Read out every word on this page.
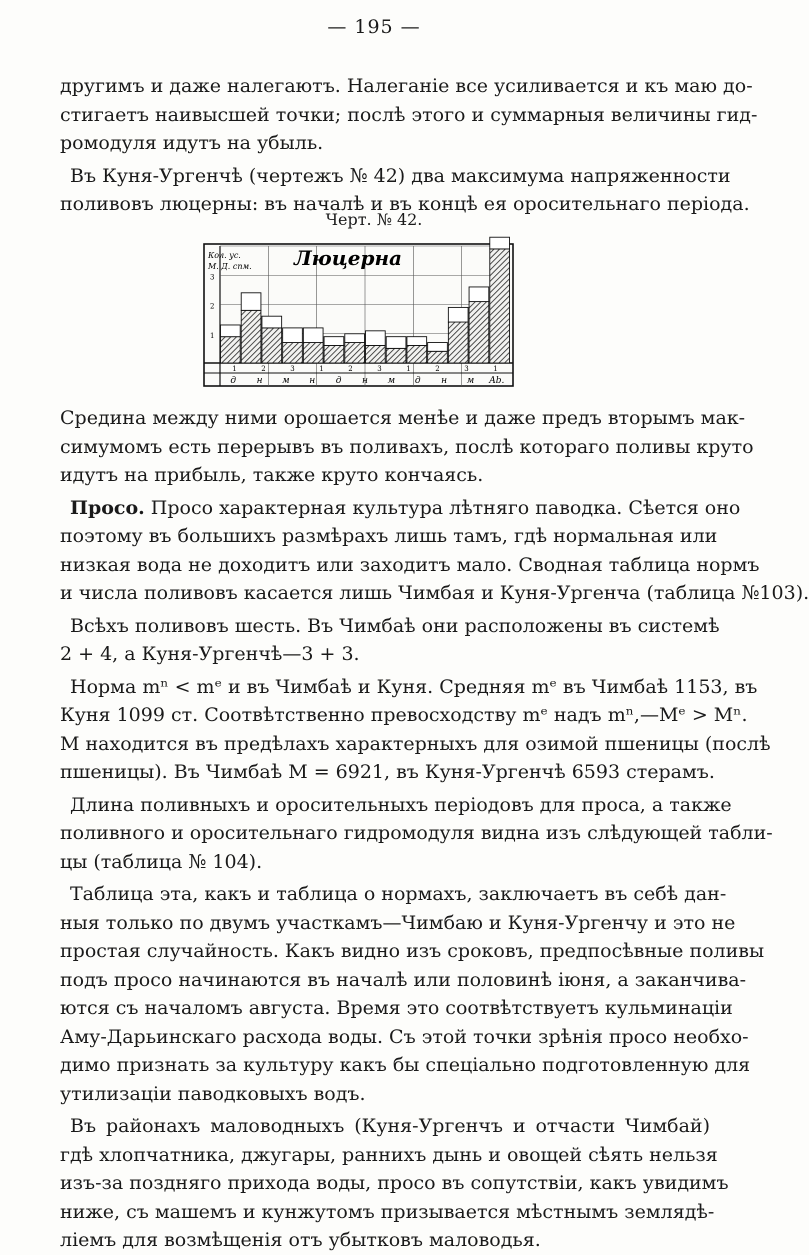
— 195 —

другимъ и даже налегаютъ. Налеганіе все усиливается и къ маю до-
стигаетъ наивысшей точки; послѣ этого и суммарныя величины гид-
ромодуля идутъ на убыль.

Въ Куня-Ургенчѣ (чертежъ № 42) два максимума напряженности
поливовъ люцерны: въ началѣ и въ концѣ ея оросительнаго періода.

Черт. № 42.
Кол. ус.
М. Д. спм. Люцерна
3
2
1
1	2	3	1	2	3	1	2	3	1
д н м н д н м д н м Ab.

Средина между ними орошается менѣе и даже предъ вторымъ мак-
симумомъ есть перерывъ въ поливахъ, послѣ котораго поливы круто
идутъ на прибыль, также круто кончаясь.

Просо. Просо характерная культура лѣтняго паводка. Сѣется оно
поэтому въ большихъ размѣрахъ лишь тамъ, гдѣ нормальная или
низкая вода не доходитъ или заходитъ мало. Сводная таблица нормъ
и числа поливовъ касается лишь Чимбая и Куня-Ургенча (таблица №103).

Всѣхъ поливовъ шесть. Въ Чимбаѣ они расположены въ системѣ
2 + 4, а Куня-Ургенчѣ—3 + 3.

Норма mⁿ < mᵉ и въ Чимбаѣ и Куня. Средняя mᵉ въ Чимбаѣ 1153, въ
Куня 1099 ст. Соотвѣтственно превосходству mᵉ надъ mⁿ,—Mᵉ > Mⁿ.
M находится въ предѣлахъ характерныхъ для озимой пшеницы (послѣ
пшеницы). Въ Чимбаѣ M = 6921, въ Куня-Ургенчѣ 6593 стерамъ.

Длина поливныхъ и оросительныхъ періодовъ для проса, а также
поливного и оросительнаго гидромодуля видна изъ слѣдующей табли-
цы (таблица № 104).

Таблица эта, какъ и таблица о нормахъ, заключаетъ въ себѣ дан-
ныя только по двумъ участкамъ—Чимбаю и Куня-Ургенчу и это не
простая случайность. Какъ видно изъ сроковъ, предпосѣвные поливы
подъ просо начинаются въ началѣ или половинѣ іюня, а заканчива-
ются съ началомъ августа. Время это соотвѣтствуетъ кульминаціи
Аму-Дарьинскаго расхода воды. Съ этой точки зрѣнія просо необхо-
димо признать за культуру какъ бы спеціально подготовленную для
утилизаціи паводковыхъ водъ.

Въ районахъ маловодныхъ (Куня-Ургенчъ и отчасти Чимбай)
гдѣ хлопчатника, джугары, раннихъ дынь и овощей сѣять нельзя
изъ-за поздняго прихода воды, просо въ сопутствіи, какъ увидимъ
ниже, съ машемъ и кунжутомъ призывается мѣстнымъ землядѣ-
ліемъ для возмѣщенія отъ убытковъ маловодья.
